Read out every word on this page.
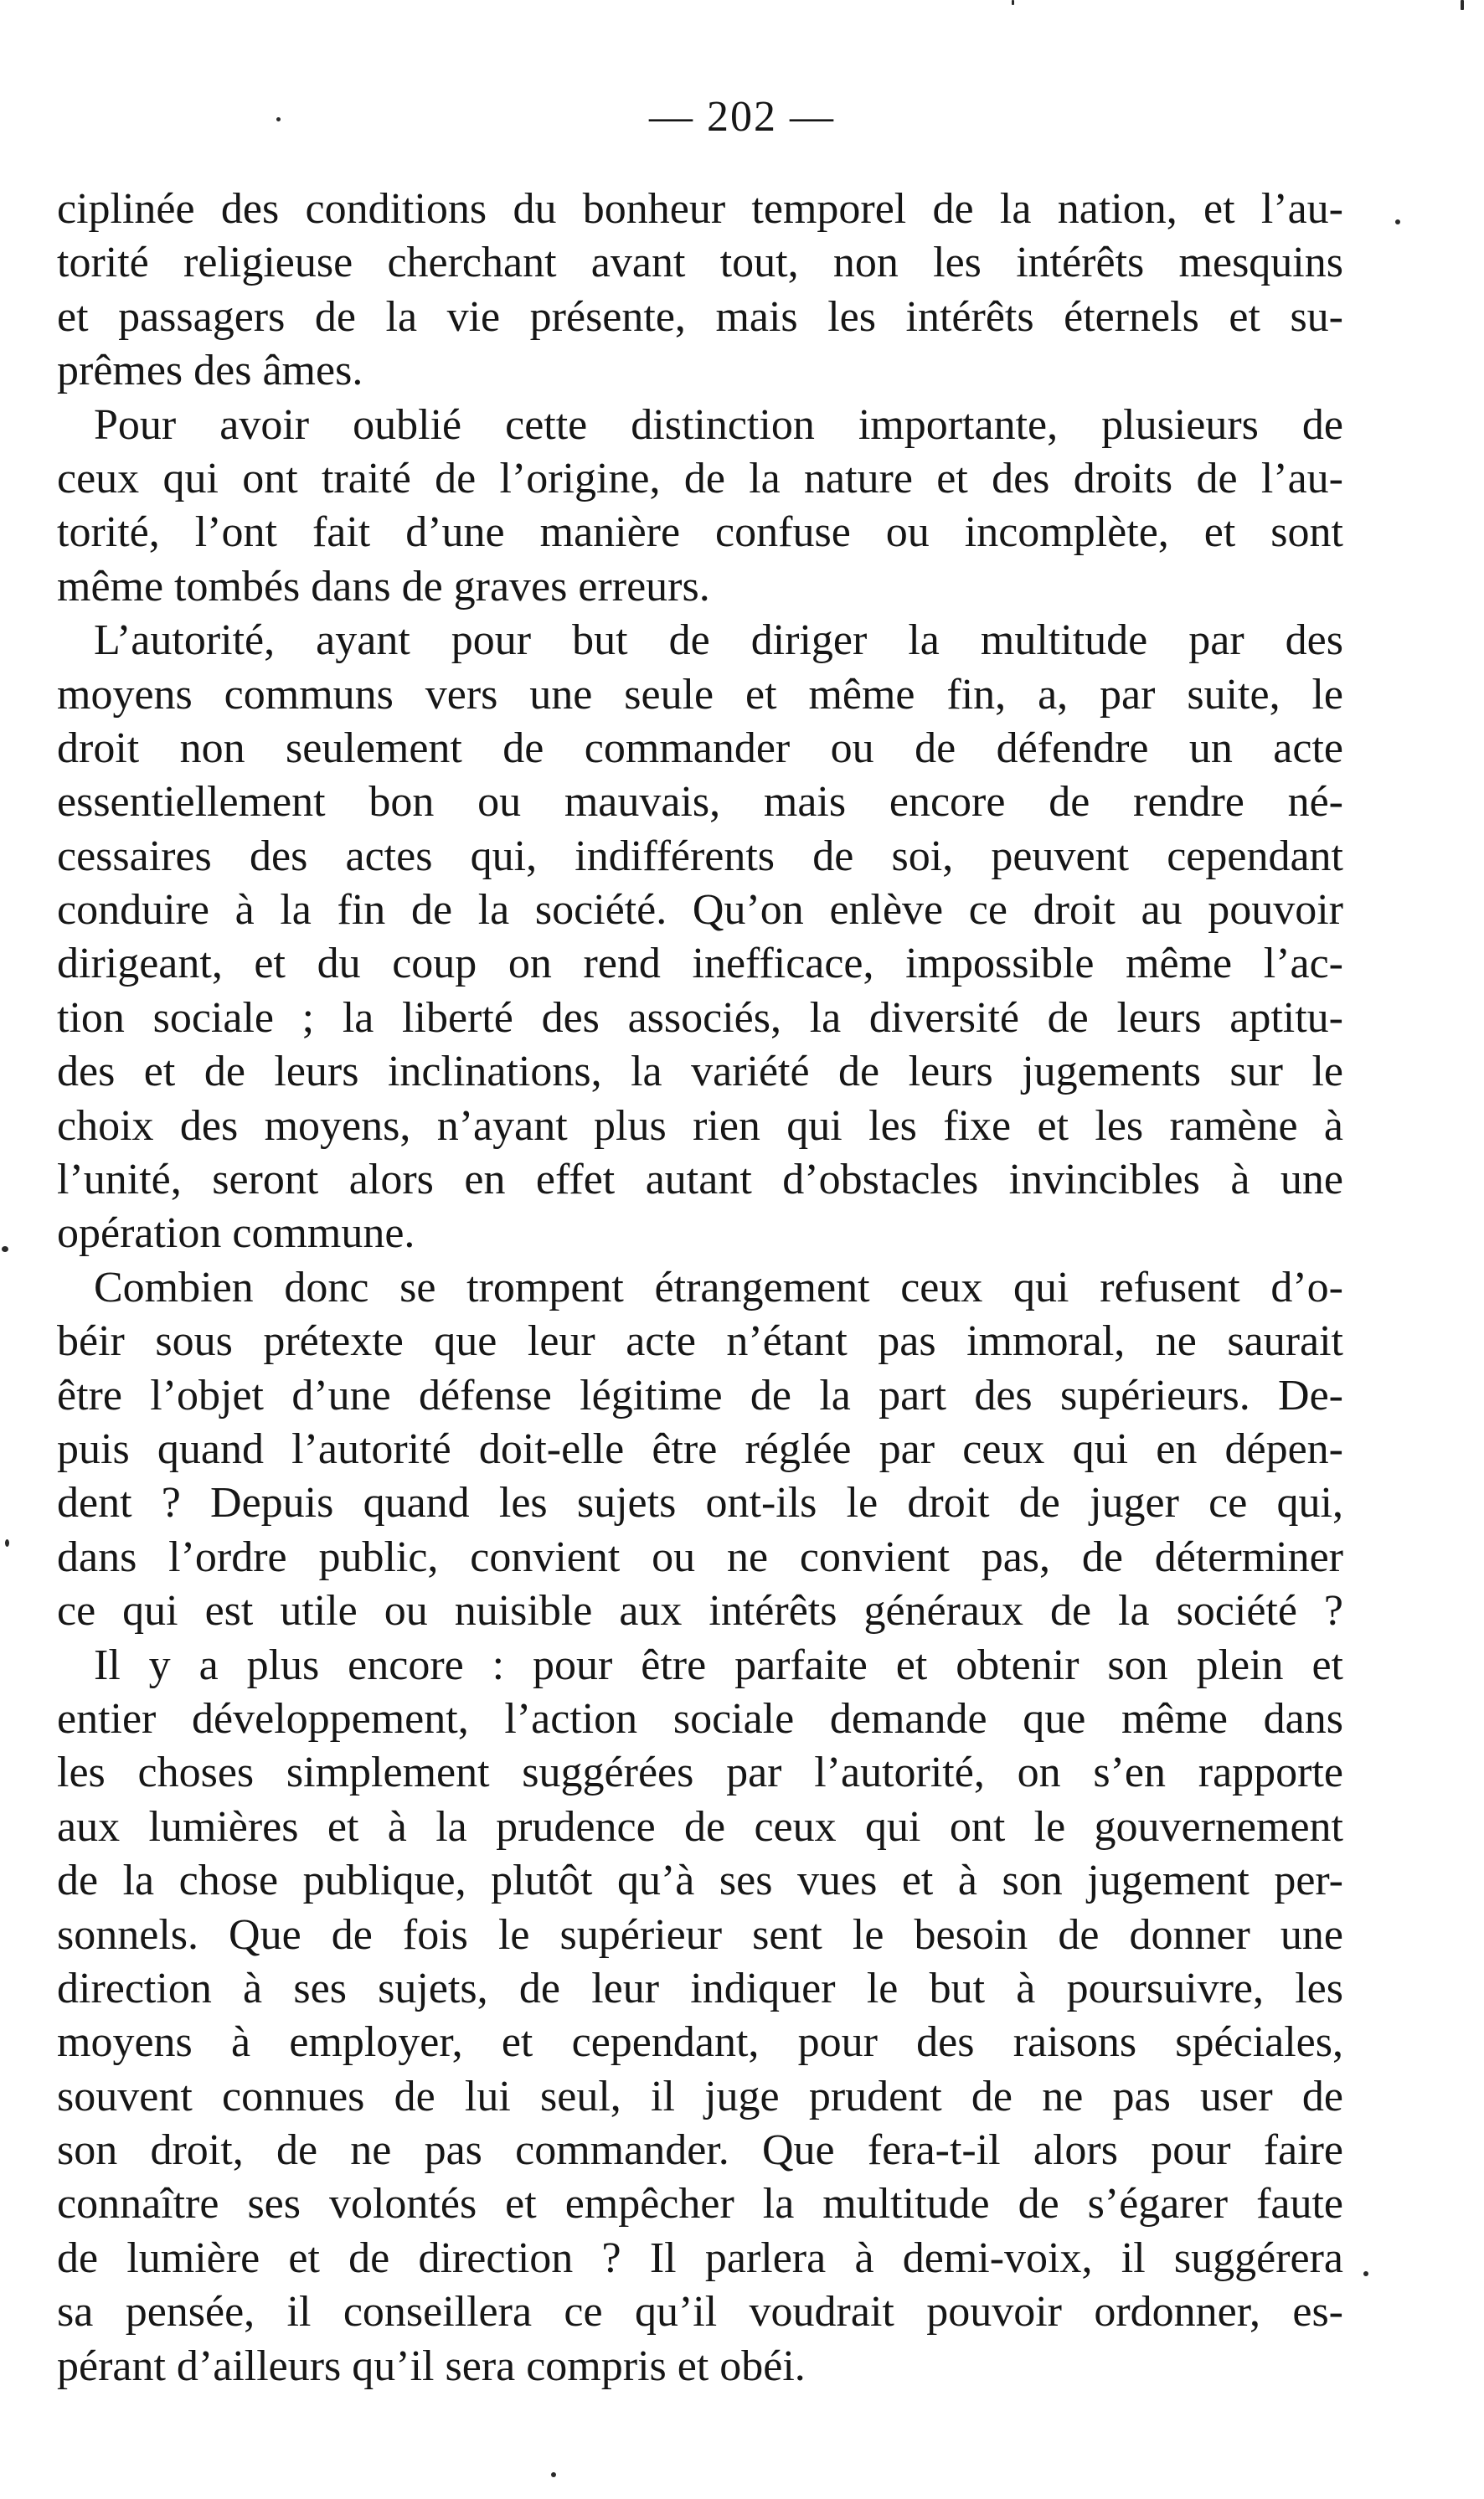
— 202 —
ciplinée des conditions du bonheur temporel de la nation, et l’au-
torité religieuse cherchant avant tout, non les intérêts mesquins
et passagers de la vie présente, mais les intérêts éternels et su-
prêmes des âmes.
Pour avoir oublié cette distinction importante, plusieurs de
ceux qui ont traité de l’origine, de la nature et des droits de l’au-
torité, l’ont fait d’une manière confuse ou incomplète, et sont
même tombés dans de graves erreurs.
L’autorité, ayant pour but de diriger la multitude par des
moyens communs vers une seule et même fin, a, par suite, le
droit non seulement de commander ou de défendre un acte
essentiellement bon ou mauvais, mais encore de rendre né-
cessaires des actes qui, indifférents de soi, peuvent cependant
conduire à la fin de la société. Qu’on enlève ce droit au pouvoir
dirigeant, et du coup on rend inefficace, impossible même l’ac-
tion sociale ; la liberté des associés, la diversité de leurs aptitu-
des et de leurs inclinations, la variété de leurs jugements sur le
choix des moyens, n’ayant plus rien qui les fixe et les ramène à
l’unité, seront alors en effet autant d’obstacles invincibles à une
opération commune.
Combien donc se trompent étrangement ceux qui refusent d’o-
béir sous prétexte que leur acte n’étant pas immoral, ne saurait
être l’objet d’une défense légitime de la part des supérieurs. De-
puis quand l’autorité doit-elle être réglée par ceux qui en dépen-
dent ? Depuis quand les sujets ont-ils le droit de juger ce qui,
dans l’ordre public, convient ou ne convient pas, de déterminer
ce qui est utile ou nuisible aux intérêts généraux de la société ?
Il y a plus encore : pour être parfaite et obtenir son plein et
entier développement, l’action sociale demande que même dans
les choses simplement suggérées par l’autorité, on s’en rapporte
aux lumières et à la prudence de ceux qui ont le gouvernement
de la chose publique, plutôt qu’à ses vues et à son jugement per-
sonnels. Que de fois le supérieur sent le besoin de donner une
direction à ses sujets, de leur indiquer le but à poursuivre, les
moyens à employer, et cependant, pour des raisons spéciales,
souvent connues de lui seul, il juge prudent de ne pas user de
son droit, de ne pas commander. Que fera-t-il alors pour faire
connaître ses volontés et empêcher la multitude de s’égarer faute
de lumière et de direction ? Il parlera à demi-voix, il suggérera
sa pensée, il conseillera ce qu’il voudrait pouvoir ordonner, es-
pérant d’ailleurs qu’il sera compris et obéi.
